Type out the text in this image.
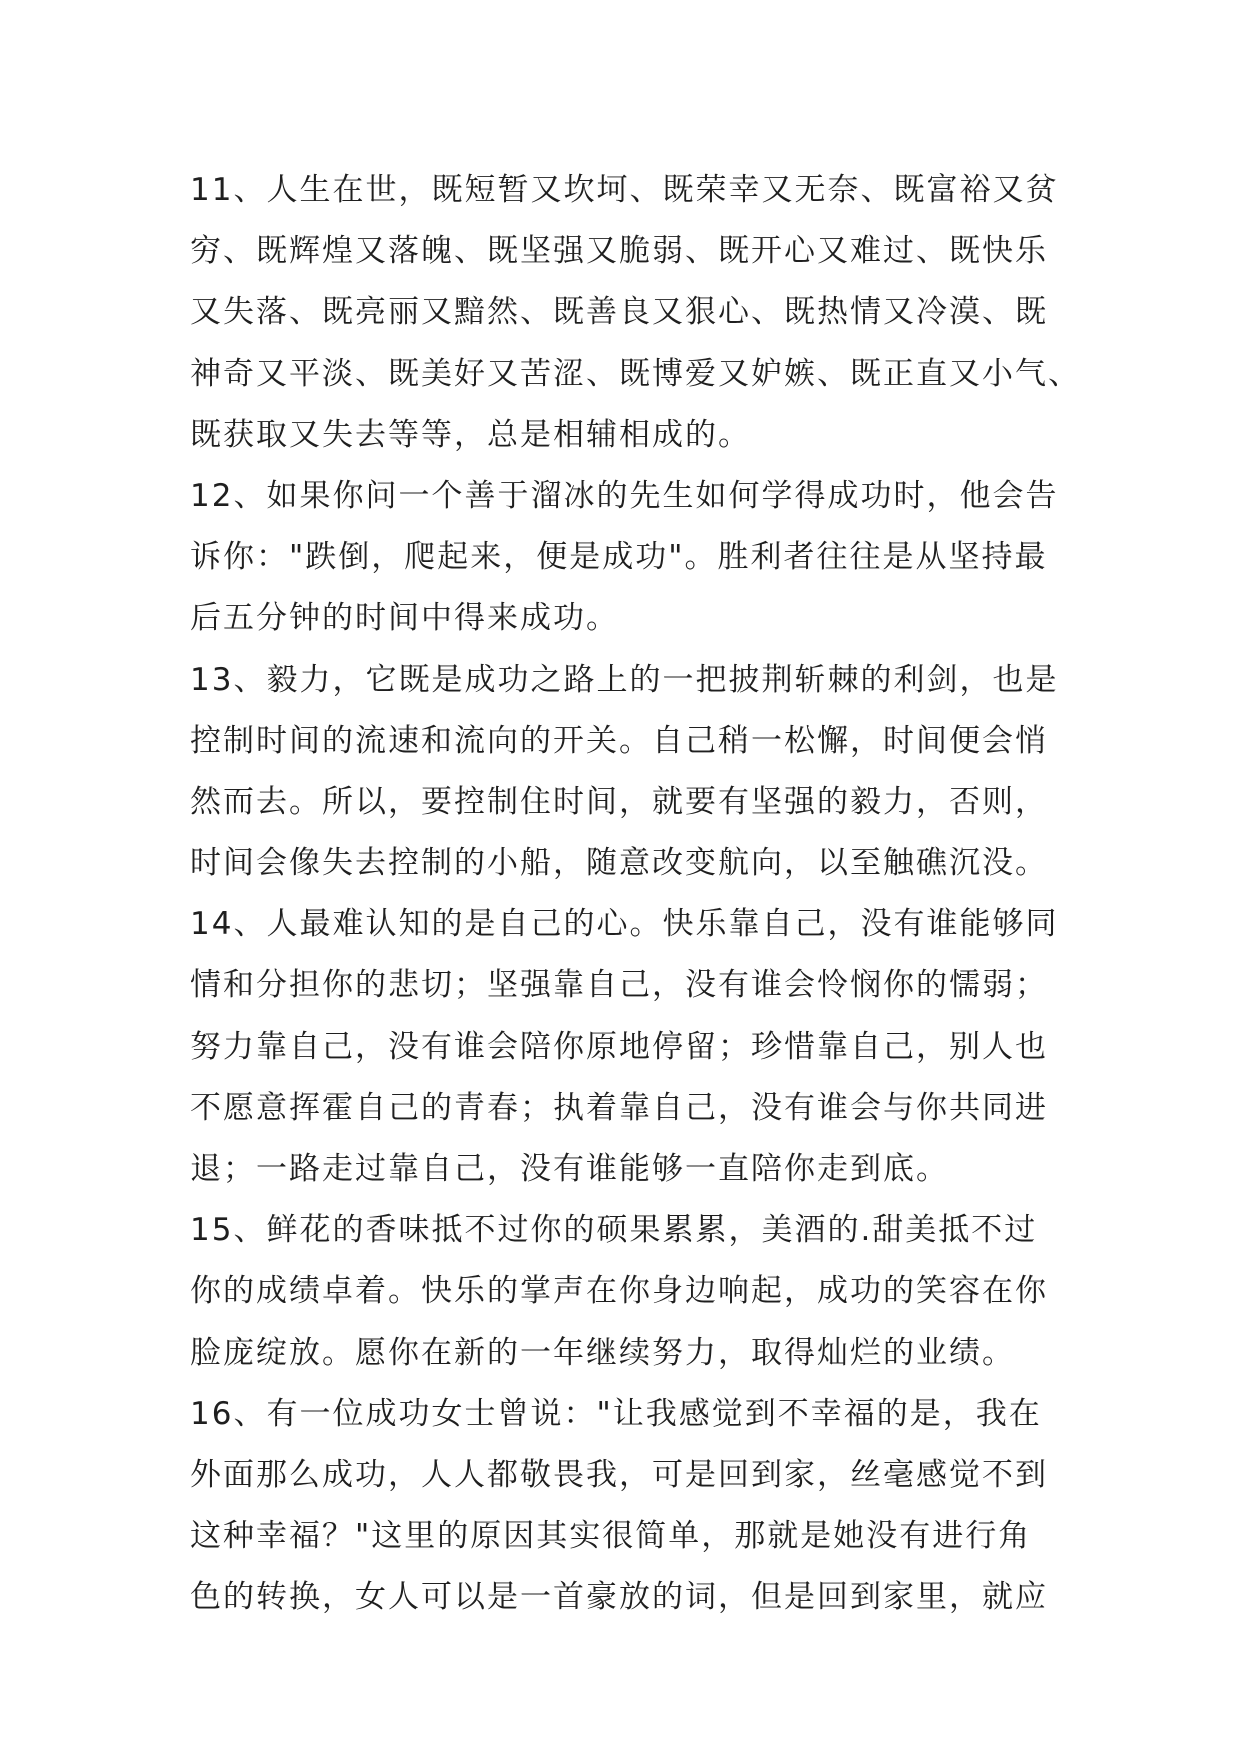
11、人生在世，既短暂又坎坷、既荣幸又无奈、既富裕又贫
穷、既辉煌又落魄、既坚强又脆弱、既开心又难过、既快乐
又失落、既亮丽又黯然、既善良又狠心、既热情又冷漠、既
神奇又平淡、既美好又苦涩、既博爱又妒嫉、既正直又小气、
既获取又失去等等，总是相辅相成的。
12、如果你问一个善于溜冰的先生如何学得成功时，他会告
诉你："跌倒，爬起来，便是成功"。胜利者往往是从坚持最
后五分钟的时间中得来成功。
13、毅力，它既是成功之路上的一把披荆斩棘的利剑，也是
控制时间的流速和流向的开关。自己稍一松懈，时间便会悄
然而去。所以，要控制住时间，就要有坚强的毅力，否则，
时间会像失去控制的小船，随意改变航向，以至触礁沉没。
14、人最难认知的是自己的心。快乐靠自己，没有谁能够同
情和分担你的悲切；坚强靠自己，没有谁会怜悯你的懦弱；
努力靠自己，没有谁会陪你原地停留；珍惜靠自己，别人也
不愿意挥霍自己的青春；执着靠自己，没有谁会与你共同进
退；一路走过靠自己，没有谁能够一直陪你走到底。
15、鲜花的香味抵不过你的硕果累累，美酒的.甜美抵不过
你的成绩卓着。快乐的掌声在你身边响起，成功的笑容在你
脸庞绽放。愿你在新的一年继续努力，取得灿烂的业绩。
16、有一位成功女士曾说："让我感觉到不幸福的是，我在
外面那么成功，人人都敬畏我，可是回到家，丝毫感觉不到
这种幸福？"这里的原因其实很简单，那就是她没有进行角
色的转换，女人可以是一首豪放的词，但是回到家里，就应
